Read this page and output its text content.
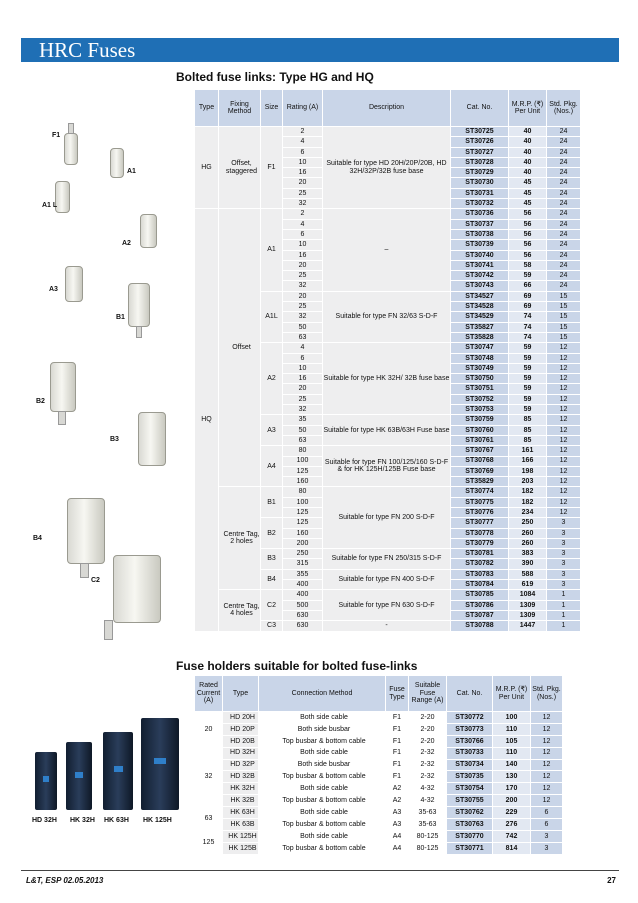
HRC Fuses
Bolted fuse links: Type HG and HQ
F1
A1
A1 L
A2
A3
B1
B2
B3
B4
C2
Type	Fixing Method	Size	Rating (A)	Description	Cat. No.	M.R.P. (₹) Per Unit	Std. Pkg. (Nos.)
HG	Offset, staggered	F1	2	Suitable for type HD 20H/20P/20B, HD 32H/32P/32B fuse base	ST30725	40	24
			4		ST30726	40	24
			6		ST30727	40	24
			10		ST30728	40	24
			16		ST30729	40	24
			20		ST30730	45	24
			25		ST30731	45	24
			32		ST30732	45	24
HQ	Offset	A1	2	–	ST30736	56	24
			4		ST30737	56	24
			6		ST30738	56	24
			10		ST30739	56	24
			16		ST30740	56	24
			20		ST30741	58	24
			25		ST30742	59	24
			32		ST30743	66	24
		A1L	20	Suitable for type FN 32/63 S-D-F	ST34527	69	15
			25		ST34528	69	15
			32		ST34529	74	15
			50		ST35827	74	15
			63		ST35828	74	15
		A2	4	Suitable for type HK 32H/ 32B fuse base	ST30747	59	12
			6		ST30748	59	12
			10		ST30749	59	12
			16		ST30750	59	12
			20		ST30751	59	12
			25		ST30752	59	12
			32		ST30753	59	12
		A3	35	Suitable for type HK 63B/63H Fuse base	ST30759	85	12
			50		ST30760	85	12
			63		ST30761	85	12
		A4	80	Suitable for type FN 100/125/160 S-D-F & for HK 125H/125B Fuse base	ST30767	161	12
			100		ST30768	166	12
			125		ST30769	198	12
			160		ST35829	203	12
	Centre Tag, 2 holes	B1	80	Suitable for type FN 200 S-D-F	ST30774	182	12
			100		ST30775	182	12
			125		ST30776	234	12
		B2	125		ST30777	250	3
			160		ST30778	260	3
			200		ST30779	260	3
		B3	250	Suitable for type FN 250/315 S-D-F	ST30781	383	3
			315		ST30782	390	3
		B4	355	Suitable for type FN 400 S-D-F	ST30783	588	3
			400		ST30784	619	3
	Centre Tag, 4 holes	C2	400	Suitable for type FN 630 S-D-F	ST30785	1084	1
			500		ST30786	1309	1
			630		ST30787	1309	1
		C3	630	-	ST30788	1447	1
Fuse holders suitable for bolted fuse-links
HD 32H HK 32H HK 63H HK 125H
Rated Current (A)	Type	Connection Method	Fuse Type	Suitable Fuse Range (A)	Cat. No.	M.R.P. (₹) Per Unit	Std. Pkg. (Nos.)
20	HD 20H	Both side cable	F1	2-20	ST30772	100	12
	HD 20P	Both side busbar	F1	2-20	ST30773	110	12
	HD 20B	Top busbar & bottom cable	F1	2-20	ST30766	105	12
32	HD 32H	Both side cable	F1	2-32	ST30733	110	12
	HD 32P	Both side busbar	F1	2-32	ST30734	140	12
	HD 32B	Top busbar & bottom cable	F1	2-32	ST30735	130	12
	HK 32H	Both side cable	A2	4-32	ST30754	170	12
	HK 32B	Top busbar & bottom cable	A2	4-32	ST30755	200	12
63	HK 63H	Both side cable	A3	35-63	ST30762	229	6
	HK 63B	Top busbar & bottom cable	A3	35-63	ST30763	276	6
125	HK 125H	Both side cable	A4	80-125	ST30770	742	3
	HK 125B	Top busbar & bottom cable	A4	80-125	ST30771	814	3
L&T, ESP 02.05.2013	27
